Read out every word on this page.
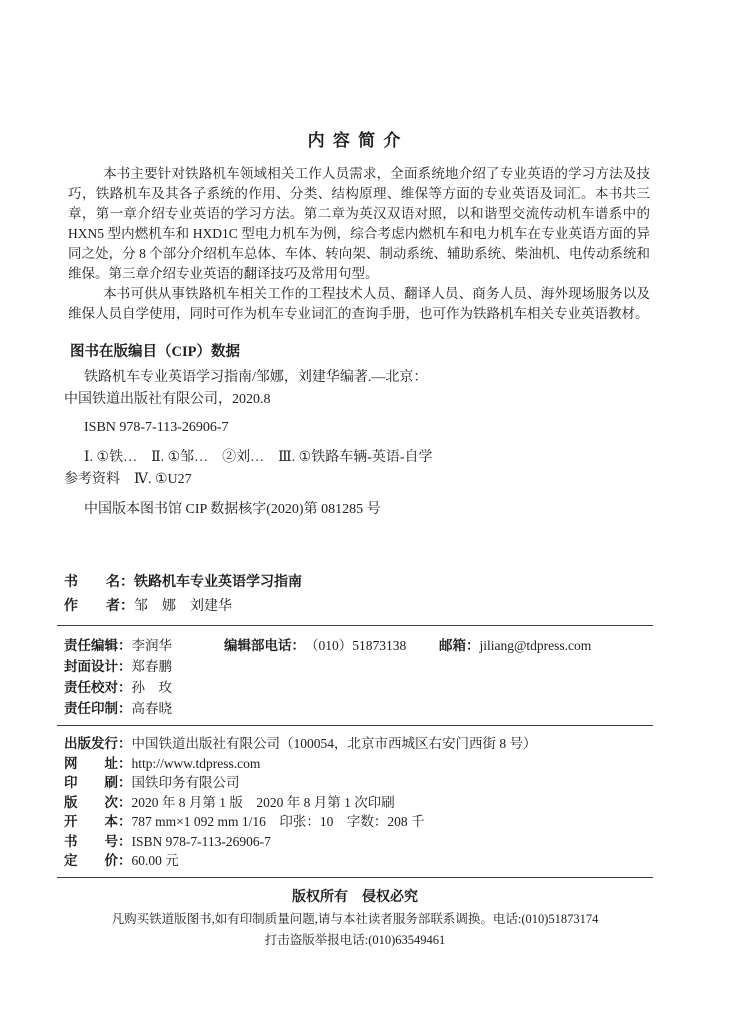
内 容 简 介

本书主要针对铁路机车领域相关工作人员需求，全面系统地介绍了专业英语的学习方法及技巧，铁路机车及其各子系统的作用、分类、结构原理、维保等方面的专业英语及词汇。本书共三章，第一章介绍专业英语的学习方法。第二章为英汉双语对照，以和谐型交流传动机车谱系中的 HXN5 型内燃机车和 HXD1C 型电力机车为例，综合考虑内燃机车和电力机车在专业英语方面的异同之处，分 8 个部分介绍机车总体、车体、转向架、制动系统、辅助系统、柴油机、电传动系统和维保。第三章介绍专业英语的翻译技巧及常用句型。

本书可供从事铁路机车相关工作的工程技术人员、翻译人员、商务人员、海外现场服务以及维保人员自学使用，同时可作为机车专业词汇的查询手册，也可作为铁路机车相关专业英语教材。

图书在版编目（CIP）数据
铁路机车专业英语学习指南/邹娜，刘建华编著.—北京：
中国铁道出版社有限公司，2020.8
ISBN 978-7-113-26906-7
Ⅰ. ①铁…　Ⅱ. ①邹…　②刘…　Ⅲ. ①铁路车辆-英语-自学
参考资料　Ⅳ. ①U27
中国版本图书馆 CIP 数据核字(2020)第 081285 号
书　　名： 铁路机车专业英语学习指南
作　　者： 邹　娜　刘建华
责任编辑： 李润华	编辑部电话： （010）51873138 邮箱： jiliang@tdpress.com
封面设计： 郑春鹏
责任校对： 孙　玫
责任印制： 高春晓
出版发行： 中国铁道出版社有限公司（100054，北京市西城区右安门西街 8 号）
网　　址： http://www.tdpress.com
印　　刷： 国铁印务有限公司
版　　次： 2020 年 8 月第 1 版　2020 年 8 月第 1 次印刷
开　　本： 787 mm×1 092 mm 1/16　印张：10　字数：208 千
书　　号： ISBN 978-7-113-26906-7
定　　价： 60.00 元
版权所有　侵权必究
凡购买铁道版图书,如有印制质量问题,请与本社读者服务部联系调换。电话:(010)51873174
打击盗版举报电话:(010)63549461
